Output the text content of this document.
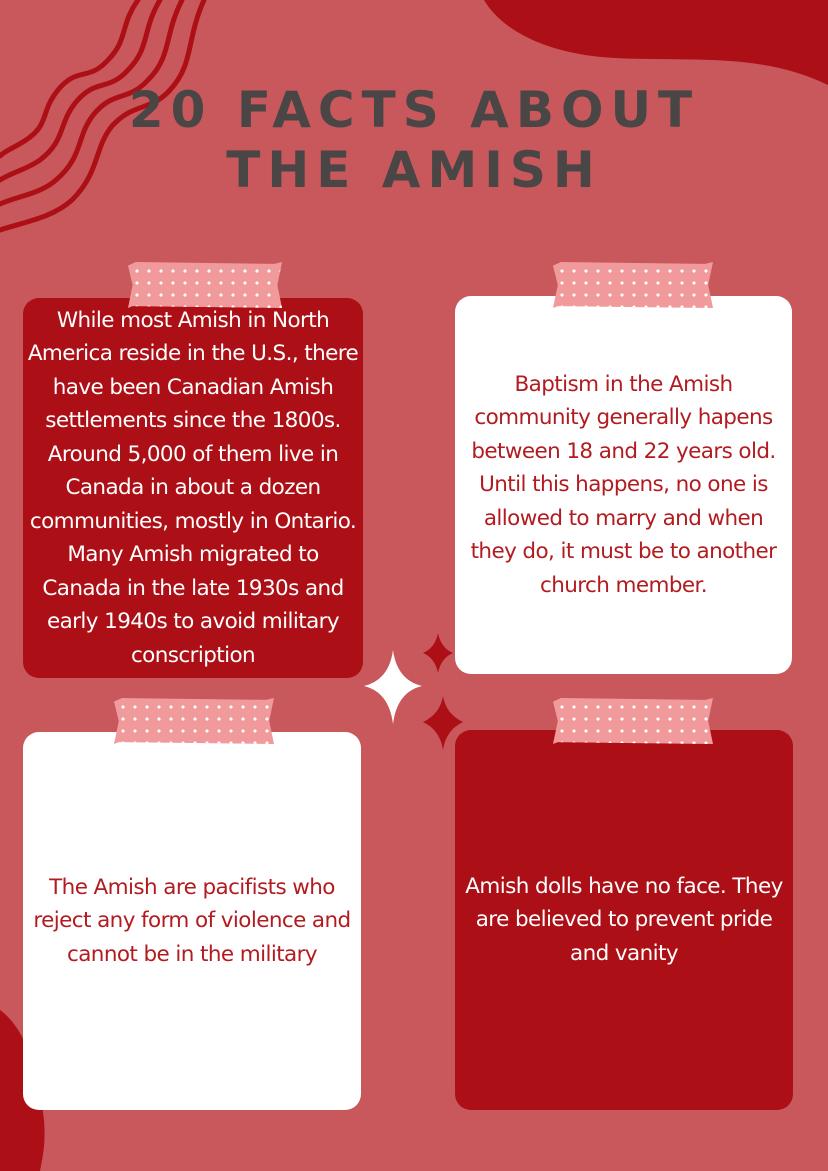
20 FACTS ABOUT THE AMISH
While most Amish in North America reside in the U.S., there have been Canadian Amish settlements since the 1800s. Around 5,000 of them live in Canada in about a dozen communities, mostly in Ontario. Many Amish migrated to Canada in the late 1930s and early 1940s to avoid military conscription
Baptism in the Amish community generally hapens between 18 and 22 years old. Until this happens, no one is allowed to marry and when they do, it must be to another church member.
The Amish are pacifists who reject any form of violence and cannot be in the military
Amish dolls have no face. They are believed to prevent pride and vanity
